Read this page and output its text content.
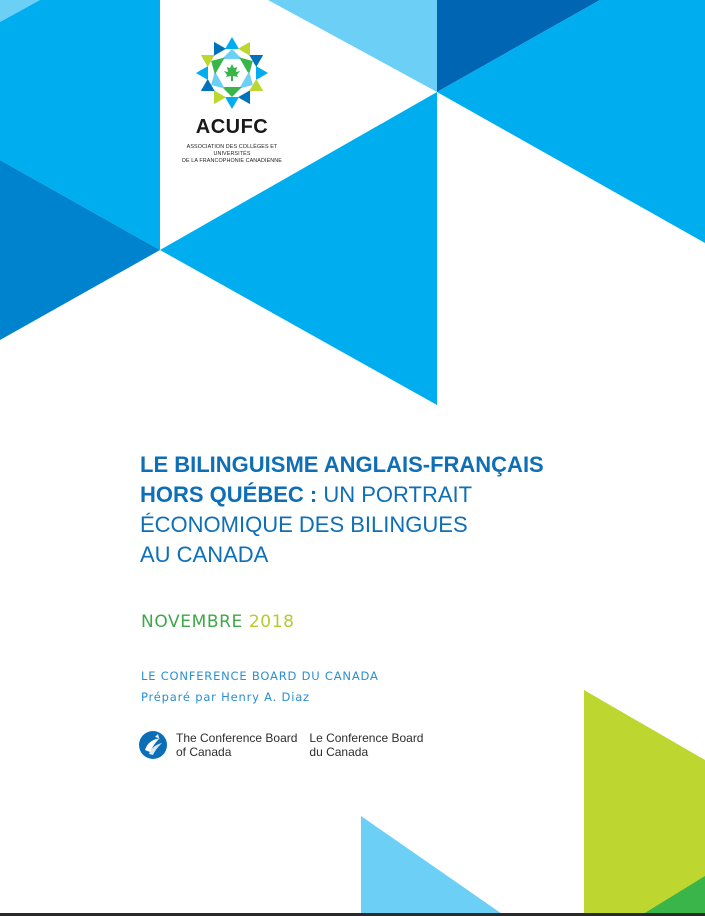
ACUFC
ASSOCIATION DES COLLÈGES ET UNIVERSITÉS
DE LA FRANCOPHONIE CANADIENNE
LE BILINGUISME ANGLAIS-FRANÇAIS
HORS QUÉBEC : UN PORTRAIT
ÉCONOMIQUE DES BILINGUES
AU CANADA
NOVEMBRE 2018
LE CONFERENCE BOARD DU CANADA
Préparé par Henry A. Diaz
The Conference Board
of Canada
Le Conference Board
du Canada
